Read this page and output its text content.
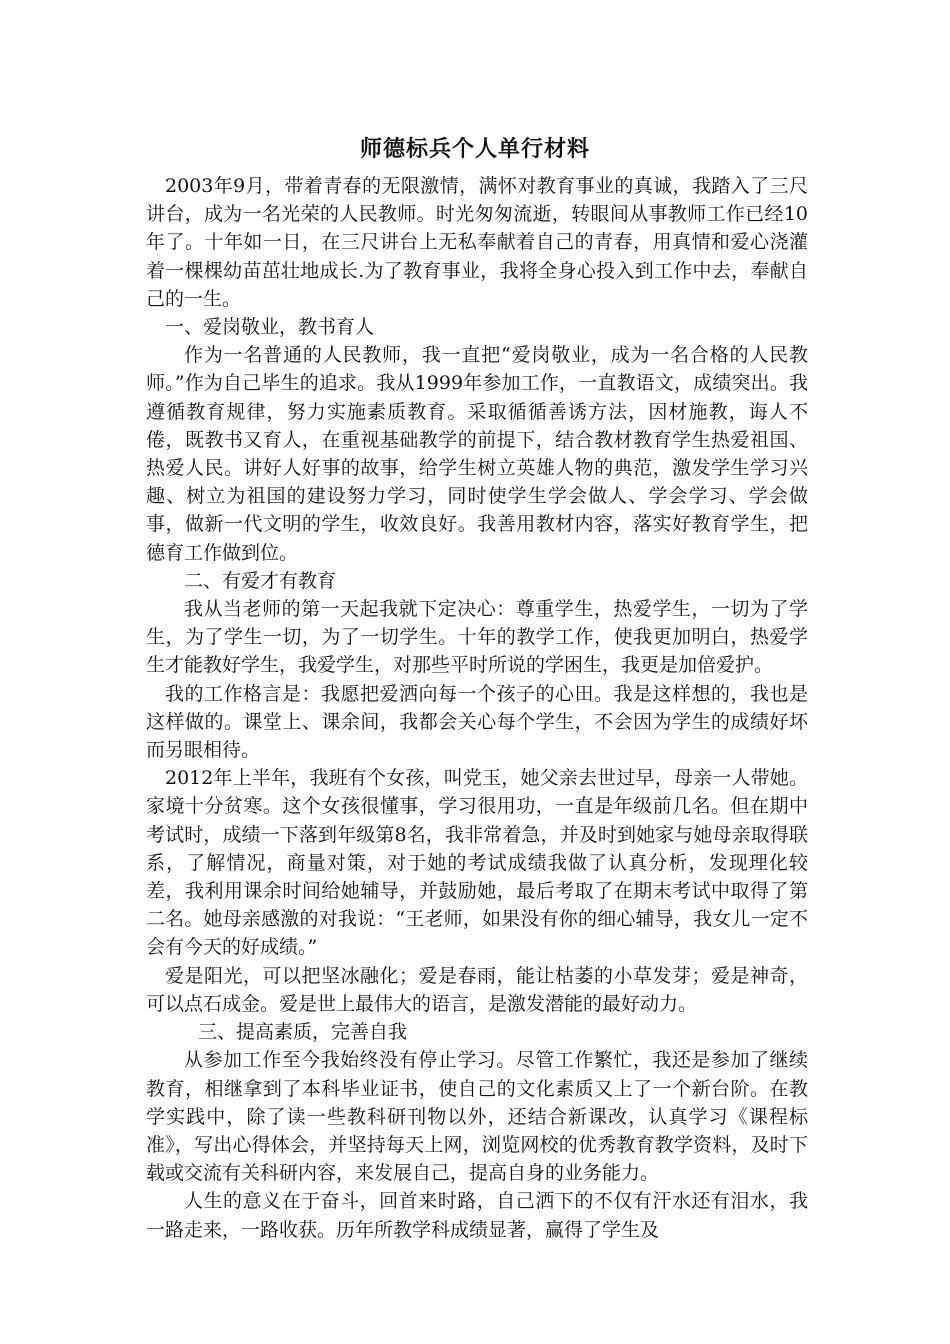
师德标兵个人单行材料

2003年9月，带着青春的无限激情，满怀对教育事业的真诚，我踏入了三尺讲台，成为一名光荣的人民教师。时光匆匆流逝，转眼间从事教师工作已经10年了。十年如一日，在三尺讲台上无私奉献着自己的青春，用真情和爱心浇灌着一棵棵幼苗茁壮地成长.为了教育事业，我将全身心投入到工作中去，奉献自己的一生。

一、爱岗敬业，教书育人

作为一名普通的人民教师，我一直把“爱岗敬业，成为一名合格的人民教师。”作为自己毕生的追求。我从1999年参加工作，一直教语文，成绩突出。我遵循教育规律，努力实施素质教育。采取循循善诱方法，因材施教，诲人不倦，既教书又育人，在重视基础教学的前提下，结合教材教育学生热爱祖国、热爱人民。讲好人好事的故事，给学生树立英雄人物的典范，激发学生学习兴趣、树立为祖国的建设努力学习，同时使学生学会做人、学会学习、学会做事，做新一代文明的学生，收效良好。我善用教材内容，落实好教育学生，把德育工作做到位。

二、有爱才有教育

我从当老师的第一天起我就下定决心：尊重学生，热爱学生，一切为了学生，为了学生一切，为了一切学生。十年的教学工作，使我更加明白，热爱学生才能教好学生，我爱学生，对那些平时所说的学困生，我更是加倍爱护。

我的工作格言是：我愿把爱洒向每一个孩子的心田。我是这样想的，我也是这样做的。课堂上、课余间，我都会关心每个学生，不会因为学生的成绩好坏而另眼相待。

2012年上半年，我班有个女孩，叫党玉，她父亲去世过早，母亲一人带她。家境十分贫寒。这个女孩很懂事，学习很用功，一直是年级前几名。但在期中考试时，成绩一下落到年级第8名，我非常着急，并及时到她家与她母亲取得联系，了解情况，商量对策，对于她的考试成绩我做了认真分析，发现理化较差，我利用课余时间给她辅导，并鼓励她，最后考取了在期末考试中取得了第二名。她母亲感激的对我说：“王老师，如果没有你的细心辅导，我女儿一定不会有今天的好成绩。”

爱是阳光，可以把坚冰融化；爱是春雨，能让枯萎的小草发芽；爱是神奇，可以点石成金。爱是世上最伟大的语言，是激发潜能的最好动力。

三、提高素质，完善自我

从参加工作至今我始终没有停止学习。尽管工作繁忙，我还是参加了继续教育，相继拿到了本科毕业证书，使自己的文化素质又上了一个新台阶。在教学实践中，除了读一些教科研刊物以外，还结合新课改，认真学习《课程标准》，写出心得体会，并坚持每天上网，浏览网校的优秀教育教学资料，及时下载或交流有关科研内容，来发展自己，提高自身的业务能力。

人生的意义在于奋斗，回首来时路，自己洒下的不仅有汗水还有泪水，我一路走来，一路收获。历年所教学科成绩显著，赢得了学生及
